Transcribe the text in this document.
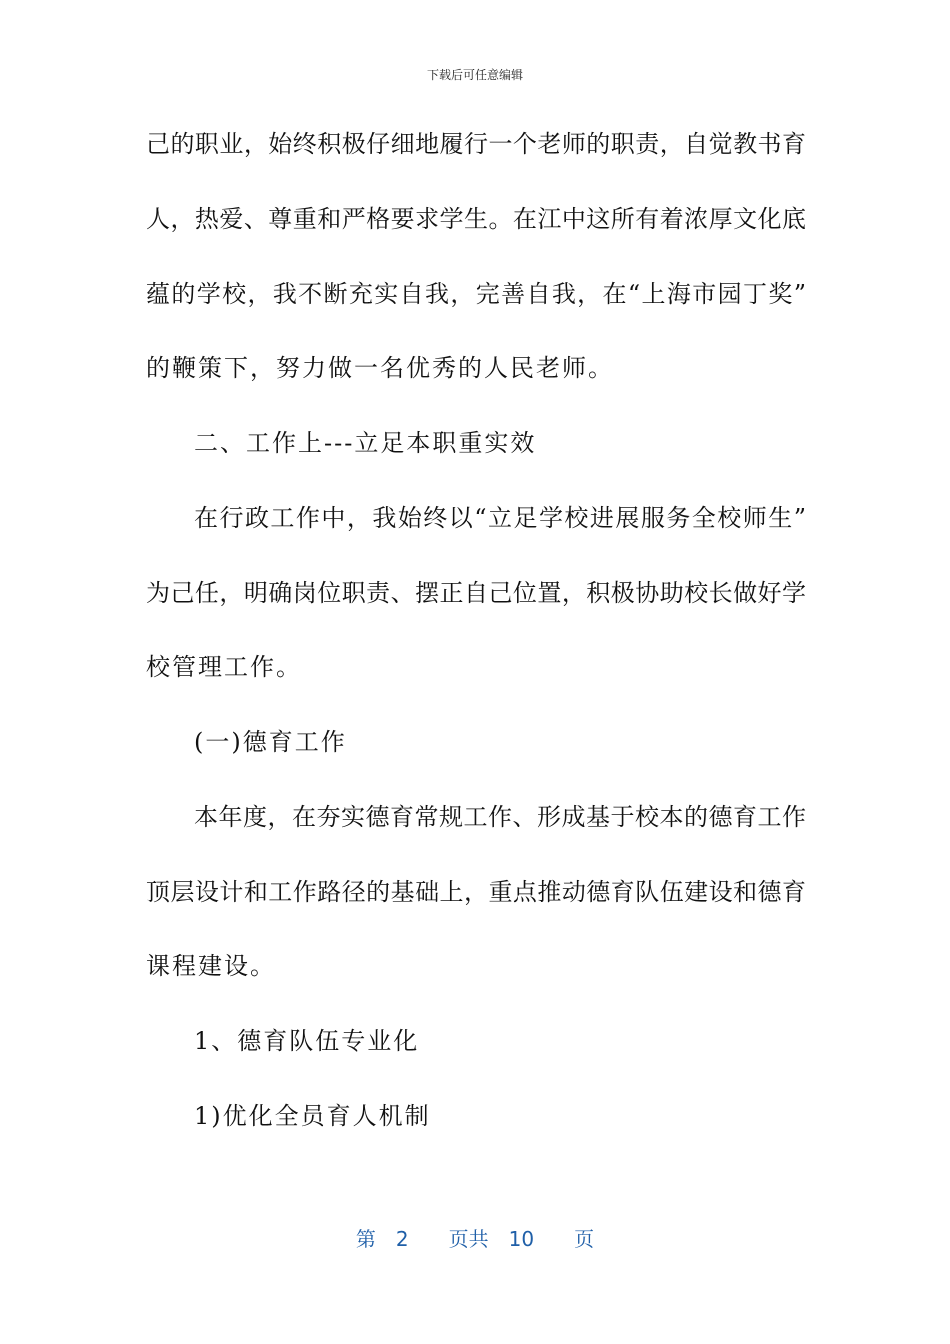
下载后可任意编辑
己的职业，始终积极仔细地履行一个老师的职责，自觉教书育
人，热爱、尊重和严格要求学生。在江中这所有着浓厚文化底
蕴的学校，我不断充实自我，完善自我，在“上海市园丁奖”
的鞭策下，努力做一名优秀的人民老师。
二、工作上---立足本职重实效
在行政工作中，我始终以“立足学校进展服务全校师生”
为己任，明确岗位职责、摆正自己位置，积极协助校长做好学
校管理工作。
(一)德育工作
本年度，在夯实德育常规工作、形成基于校本的德育工作
顶层设计和工作路径的基础上，重点推动德育队伍建设和德育
课程建设。
1、德育队伍专业化
1)优化全员育人机制
第 2 页共 10 页
